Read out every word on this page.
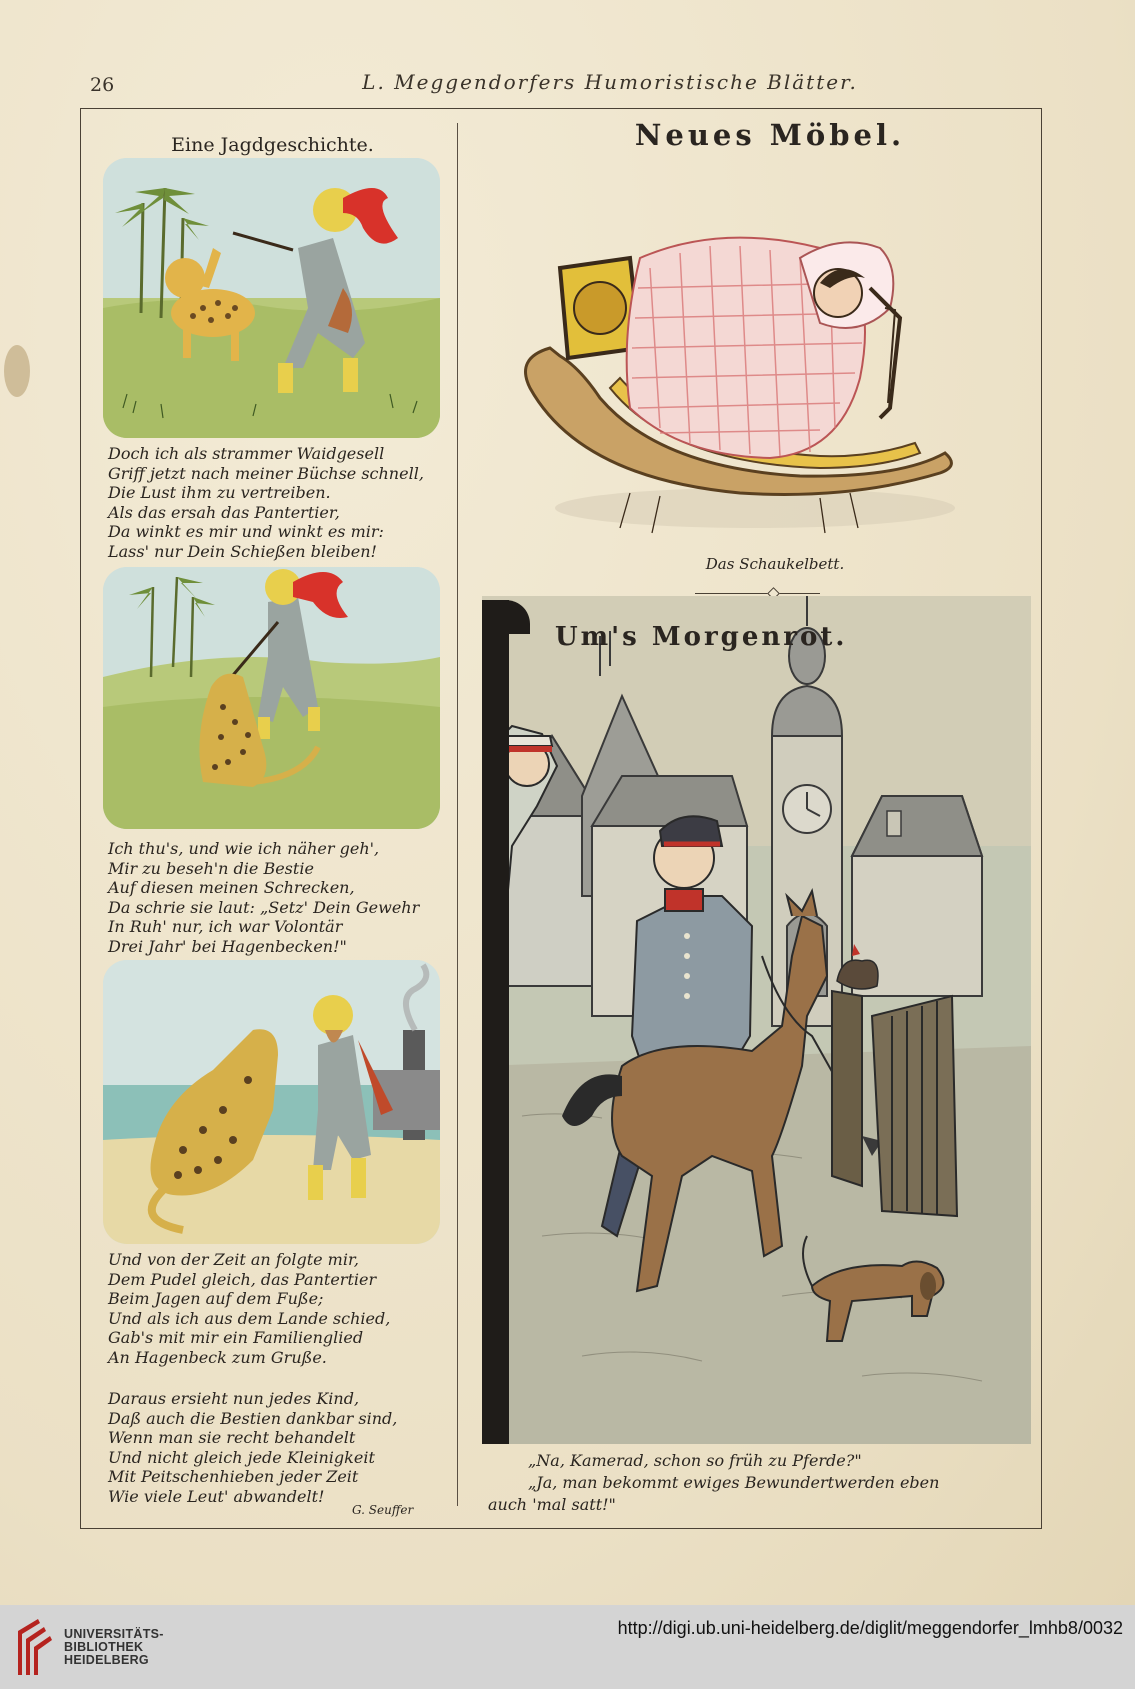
26	L. Meggendorfers Humoristische Blätter.
Eine Jagdgeschichte.
Doch ich als strammer Waidgesell
Griff jetzt nach meiner Büchse schnell,
Die Lust ihm zu vertreiben.
Als das ersah das Pantertier,
Da winkt es mir und winkt es mir:
Lass' nur Dein Schießen bleiben!
Ich thu's, und wie ich näher geh',
Mir zu beseh'n die Bestie
Auf diesen meinen Schrecken,
Da schrie sie laut: „Setz' Dein Gewehr
In Ruh' nur, ich war Volontär
Drei Jahr' bei Hagenbecken!"
Und von der Zeit an folgte mir,
Dem Pudel gleich, das Pantertier
Beim Jagen auf dem Fuße;
Und als ich aus dem Lande schied,
Gab's mit mir ein Familienglied
An Hagenbeck zum Gruße.
Daraus ersieht nun jedes Kind,
Daß auch die Bestien dankbar sind,
Wenn man sie recht behandelt
Und nicht gleich jede Kleinigkeit
Mit Peitschenhieben jeder Zeit
Wie viele Leut' abwandelt!
G. Seuffer
Neues Möbel.
Das Schaukelbett.
Um's Morgenrot.
„Na, Kamerad, schon so früh zu Pferde?"
„Ja, man bekommt ewiges Bewundertwerden eben
auch 'mal satt!"
UNIVERSITÄTS-
BIBLIOTHEK
HEIDELBERG
http://digi.ub.uni-heidelberg.de/diglit/meggendorfer_lmhb8/0032
